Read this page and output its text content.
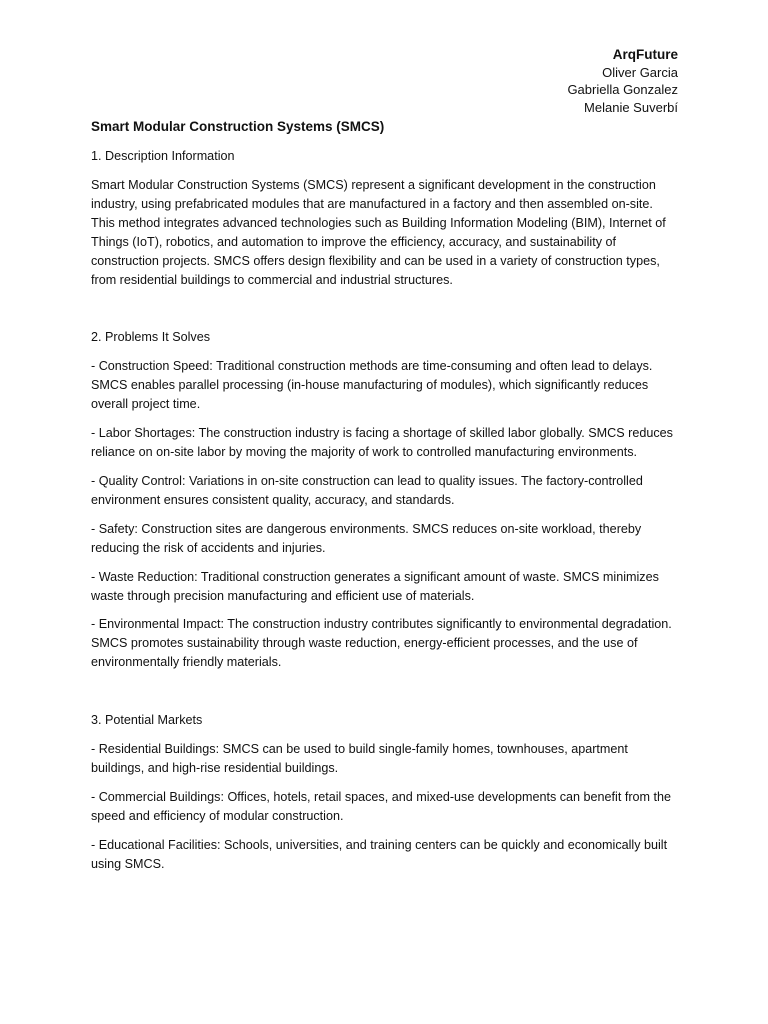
ArqFuture
Oliver Garcia
Gabriella Gonzalez
Melanie Suverbí
Smart Modular Construction Systems (SMCS)
1. Description Information
Smart Modular Construction Systems (SMCS) represent a significant development in the construction industry, using prefabricated modules that are manufactured in a factory and then assembled on-site. This method integrates advanced technologies such as Building Information Modeling (BIM), Internet of Things (IoT), robotics, and automation to improve the efficiency, accuracy, and sustainability of construction projects. SMCS offers design flexibility and can be used in a variety of construction types, from residential buildings to commercial and industrial structures.
2. Problems It Solves
- Construction Speed: Traditional construction methods are time-consuming and often lead to delays. SMCS enables parallel processing (in-house manufacturing of modules), which significantly reduces overall project time.
- Labor Shortages: The construction industry is facing a shortage of skilled labor globally. SMCS reduces reliance on on-site labor by moving the majority of work to controlled manufacturing environments.
- Quality Control: Variations in on-site construction can lead to quality issues. The factory-controlled environment ensures consistent quality, accuracy, and standards.
- Safety: Construction sites are dangerous environments. SMCS reduces on-site workload, thereby reducing the risk of accidents and injuries.
- Waste Reduction: Traditional construction generates a significant amount of waste. SMCS minimizes waste through precision manufacturing and efficient use of materials.
- Environmental Impact: The construction industry contributes significantly to environmental degradation. SMCS promotes sustainability through waste reduction, energy-efficient processes, and the use of environmentally friendly materials.
3. Potential Markets
- Residential Buildings: SMCS can be used to build single-family homes, townhouses, apartment buildings, and high-rise residential buildings.
- Commercial Buildings: Offices, hotels, retail spaces, and mixed-use developments can benefit from the speed and efficiency of modular construction.
- Educational Facilities: Schools, universities, and training centers can be quickly and economically built using SMCS.
